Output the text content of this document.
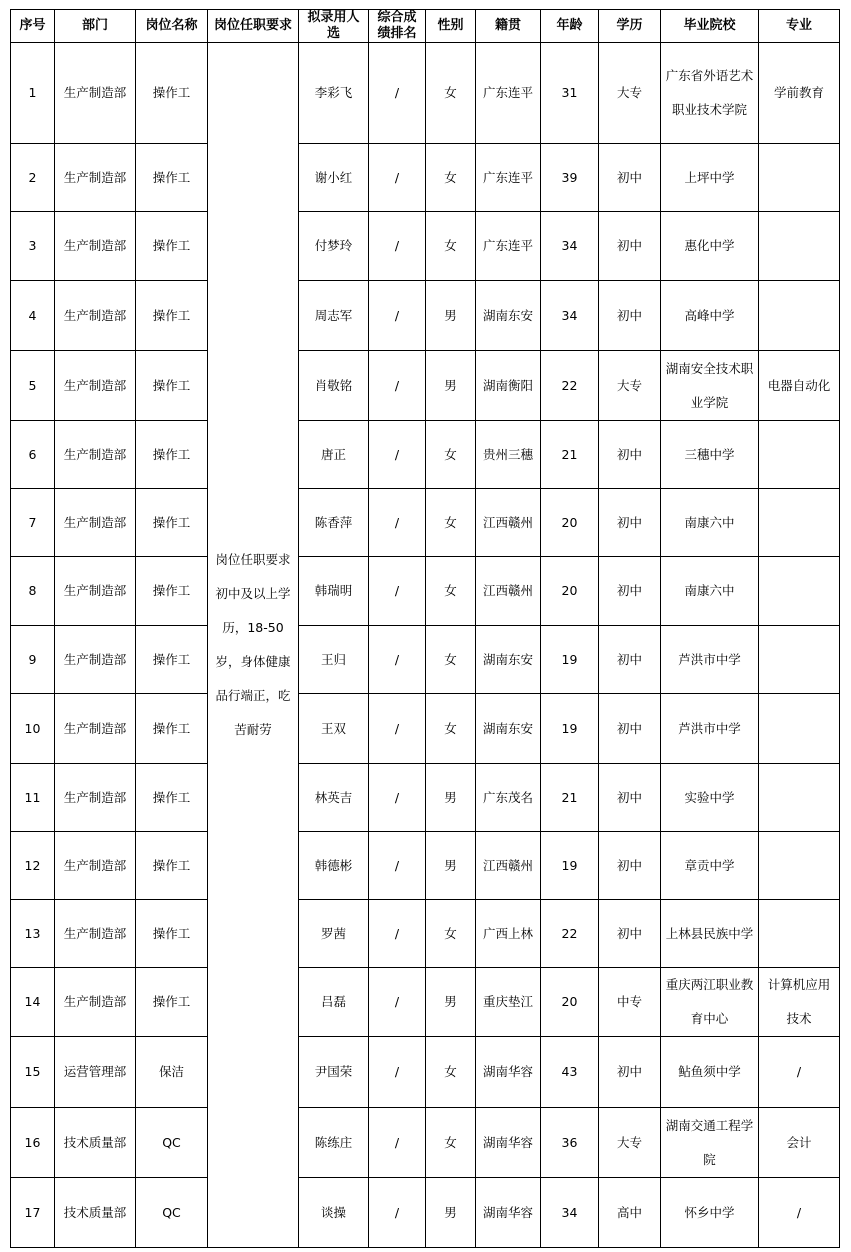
序号	部门	岗位名称	岗位任职要求	拟录用人选	综合成绩排名	性别	籍贯	年龄	学历	毕业院校	专业
1	生产制造部	操作工	岗位任职要求初中及以上学历，18-50岁，身体健康品行端正，吃苦耐劳	李彩飞	/	女	广东连平	31	大专	广东省外语艺术职业技术学院	学前教育
2	生产制造部	操作工		谢小红	/	女	广东连平	39	初中	上坪中学	
3	生产制造部	操作工		付梦玲	/	女	广东连平	34	初中	惠化中学	
4	生产制造部	操作工		周志军	/	男	湖南东安	34	初中	高峰中学	
5	生产制造部	操作工		肖敬铭	/	男	湖南衡阳	22	大专	湖南安全技术职业学院	电器自动化
6	生产制造部	操作工		唐正	/	女	贵州三穗	21	初中	三穗中学	
7	生产制造部	操作工		陈香萍	/	女	江西赣州	20	初中	南康六中	
8	生产制造部	操作工		韩瑞明	/	女	江西赣州	20	初中	南康六中	
9	生产制造部	操作工		王归	/	女	湖南东安	19	初中	芦洪市中学	
10	生产制造部	操作工		王双	/	女	湖南东安	19	初中	芦洪市中学	
11	生产制造部	操作工		林英吉	/	男	广东茂名	21	初中	实验中学	
12	生产制造部	操作工		韩德彬	/	男	江西赣州	19	初中	章贡中学	
13	生产制造部	操作工		罗茜	/	女	广西上林	22	初中	上林县民族中学	
14	生产制造部	操作工		吕磊	/	男	重庆垫江	20	中专	重庆两江职业教育中心	计算机应用技术
15	运营管理部	保洁		尹国荣	/	女	湖南华容	43	初中	鲇鱼须中学	/
16	技术质量部	QC		陈练庄	/	女	湖南华容	36	大专	湖南交通工程学院	会计
17	技术质量部	QC		谈操	/	男	湖南华容	34	高中	怀乡中学	/
